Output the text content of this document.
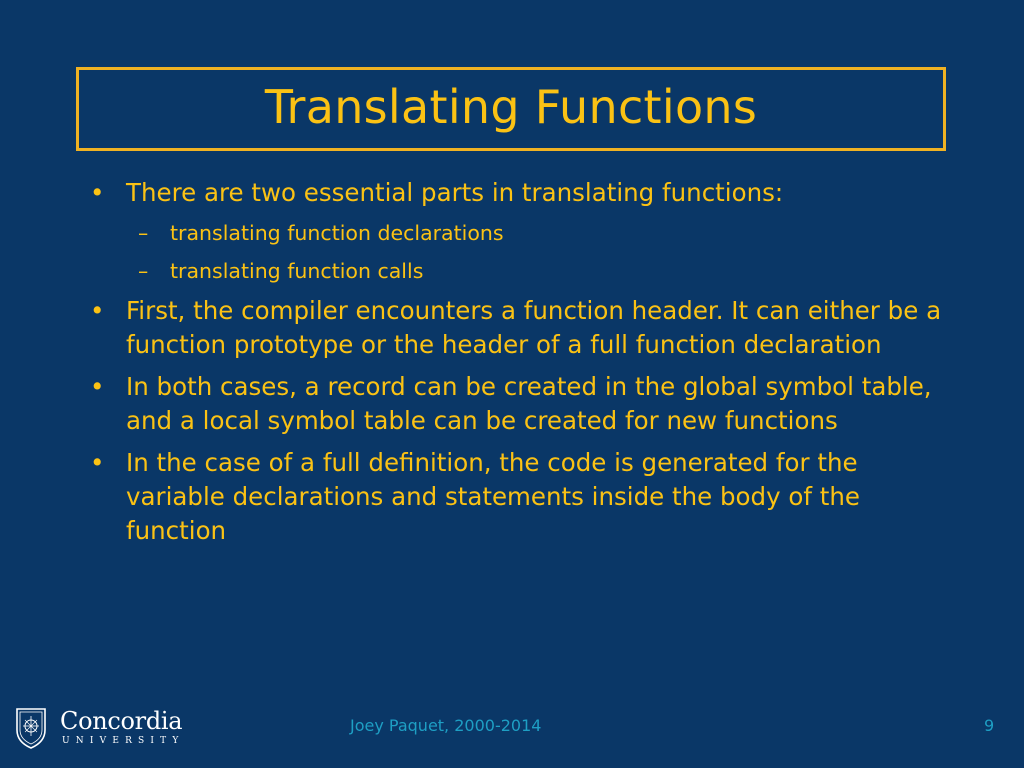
Translating Functions
• There are two essential parts in translating functions:
– translating function declarations
– translating function calls
• First, the compiler encounters a function header. It can either be a function prototype or the header of a full function declaration
• In both cases, a record can be created in the global symbol table, and a local symbol table can be created for new functions
• In the case of a full definition, the code is generated for the variable declarations and statements inside the body of the function
Concordia
UNIVERSITY
Joey Paquet, 2000-2014	9
